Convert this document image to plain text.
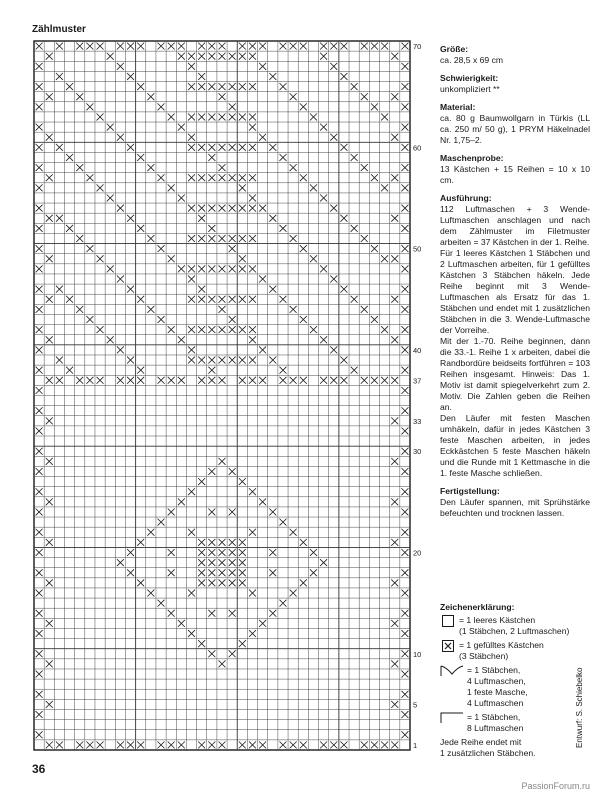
Zählmuster
70
60
50
40
37
33
30
20
10
5
1
Größe:

ca. 28,5 x 69 cm

Schwierigkeit:

unkompliziert **

Material:

ca. 80 g Baumwollgarn in Türkis (LL ca. 250 m/ 50 g), 1 PRYM Häkelnadel Nr. 1,75–2.

Maschenprobe:

13 Kästchen + 15 Reihen = 10 x 10 cm.

Ausführung:

112 Luftmaschen + 3 Wende-Luftmaschen anschlagen und nach dem Zählmuster im Filetmuster arbeiten = 37 Kästchen in der 1. Reihe.
Für 1 leeres Kästchen 1 Stäbchen und 2 Luftmaschen arbeiten, für 1 gefülltes Kästchen 3 Stäbchen häkeln. Jede Reihe beginnt mit 3 Wende-Luftmaschen als Ersatz für das 1. Stäbchen und endet mit 1 zusätzlichen Stäbchen in die 3. Wende-Luftmasche der Vorreihe.
Mit der 1.-70. Reihe beginnen, dann die 33.-1. Reihe 1 x arbeiten, dabei die Randbordüre beidseits fortführen = 103 Reihen insgesamt. Hinweis: Das 1. Motiv ist damit spiegelverkehrt zum 2. Motiv. Die Zahlen geben die Reihen an.
Den Läufer mit festen Maschen umhäkeln, dafür in jedes Kästchen 3 feste Maschen arbeiten, in jedes Eckkästchen 5 feste Maschen häkeln und die Runde mit 1 Kettmasche in die 1. feste Masche schließen.

Fertigstellung:

Den Läufer spannen, mit Sprühstärke befeuchten und trocknen lassen.

Zeichenerklärung:
= 1 leeres Kästchen
(1 Stäbchen, 2 Luftmaschen)
= 1 gefülltes Kästchen
(3 Stäbchen)
= 1 Stäbchen,
4 Luftmaschen,
1 feste Masche,
4 Luftmaschen
= 1 Stäbchen,
8 Luftmaschen
Jede Reihe endet mit
1 zusätzlichen Stäbchen.
36
Entwurf: S. Schiebelko
PassionForum.ru
